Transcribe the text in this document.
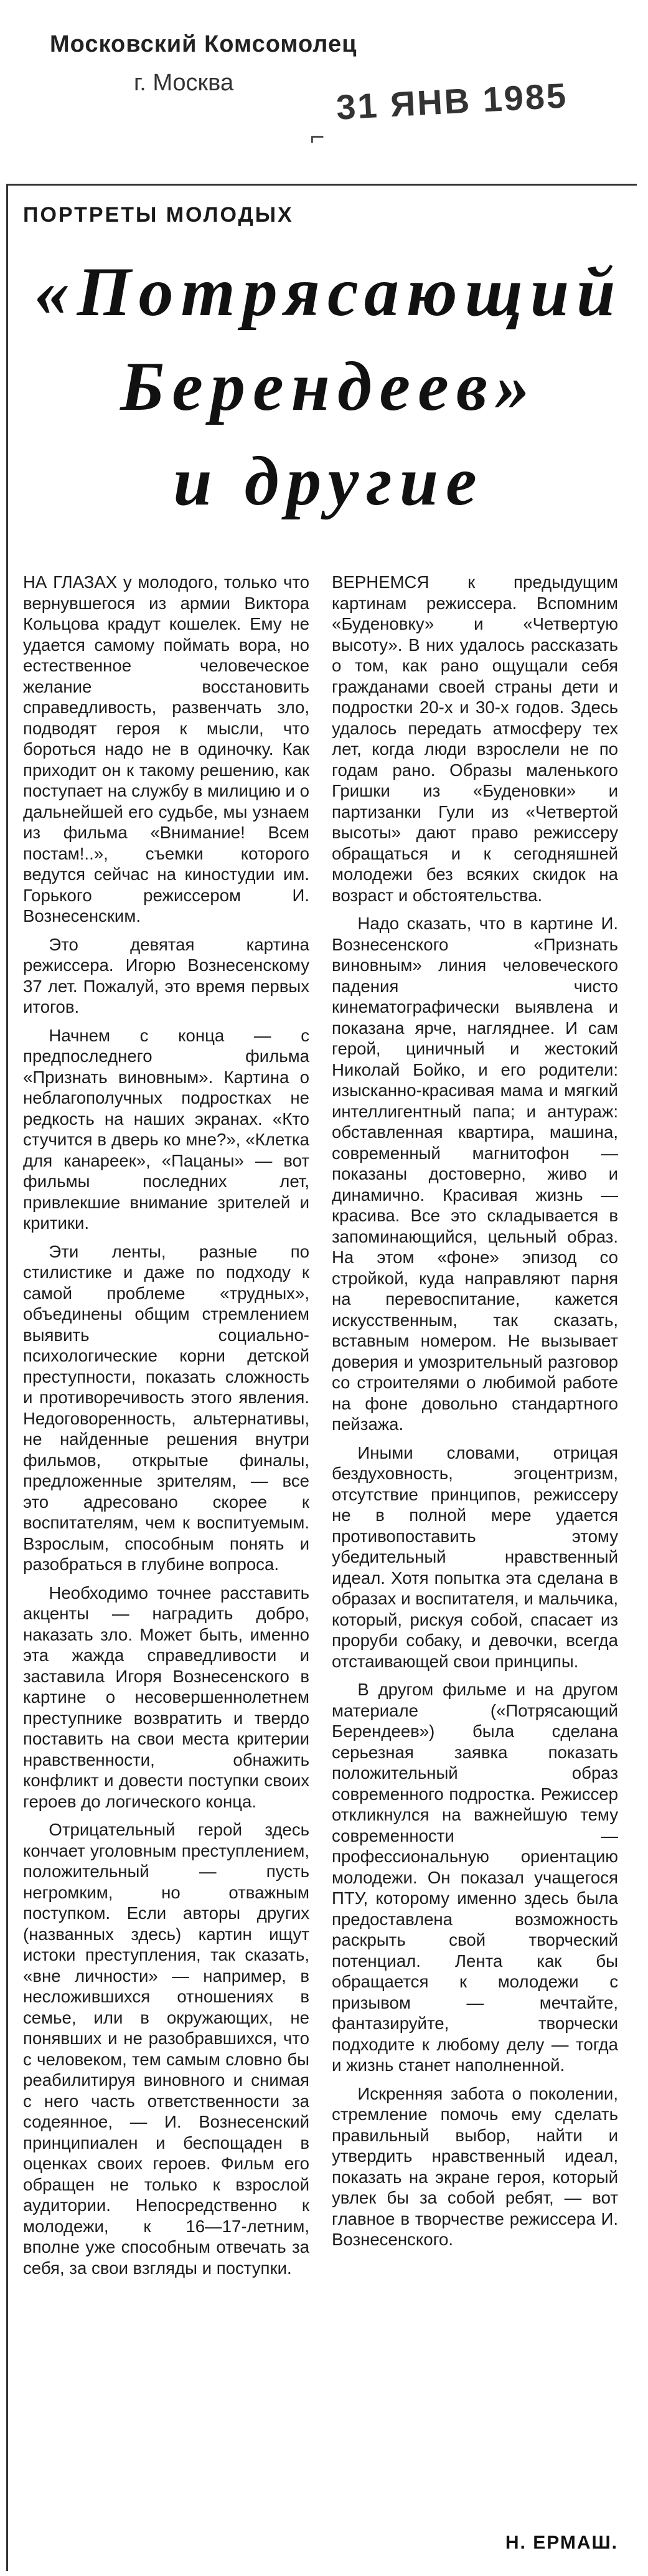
Московский Комсомолец
г. Москва
⌐
31 ЯНВ 1985
ПОРТРЕТЫ МОЛОДЫХ
«Потрясающий
Берендеев»
и другие

НА ГЛАЗАХ у молодого, только что вернувшегося из армии Виктора Кольцова крадут кошелек. Ему не удается самому поймать вора, но естественное человеческое желание восстановить справедливость, развенчать зло, подводят героя к мысли, что бороться надо не в одиночку. Как приходит он к такому решению, как поступает на службу в милицию и о дальнейшей его судьбе, мы узнаем из фильма «Внимание! Всем постам!..», съемки которого ведутся сейчас на киностудии им. Горького режиссером И. Вознесенским.

Это девятая картина режиссера. Игорю Вознесенскому 37 лет. Пожалуй, это время первых итогов.

Начнем с конца — с предпоследнего фильма «Признать виновным». Картина о неблагополучных подростках не редкость на наших экранах. «Кто стучится в дверь ко мне?», «Клетка для канареек», «Пацаны» — вот фильмы последних лет, привлекшие внимание зрителей и критики.

Эти ленты, разные по стилистике и даже по подходу к самой проблеме «трудных», объединены общим стремлением выявить социально-психологические корни детской преступности, показать сложность и противоречивость этого явления. Недоговоренность, альтернативы, не найденные решения внутри фильмов, открытые финалы, предложенные зрителям, — все это адресовано скорее к воспитателям, чем к воспитуемым. Взрослым, способным понять и разобраться в глубине вопроса.

Необходимо точнее расставить акценты — наградить добро, наказать зло. Может быть, именно эта жажда справедливости и заставила Игоря Вознесенского в картине о несовершеннолетнем преступнике возвратить и твердо поставить на свои места критерии нравственности, обнажить конфликт и довести поступки своих героев до логического конца.

Отрицательный герой здесь кончает уголовным преступлением, положительный — пусть негромким, но отважным поступком. Если авторы других (названных здесь) картин ищут истоки преступления, так сказать, «вне личности» — например, в несложившихся отношениях в семье, или в окружающих, не понявших и не разобравшихся, что с человеком, тем самым словно бы реабилитируя виновного и снимая с него часть ответственности за содеянное, — И. Вознесенский принципиален и беспощаден в оценках своих героев. Фильм его обращен не только к взрослой аудитории. Непосредственно к молодежи, к 16—17-летним, вполне уже способным отвечать за себя, за свои взгляды и поступки.

ВЕРНЕМСЯ к предыдущим картинам режиссера. Вспомним «Буденовку» и «Четвертую высоту». В них удалось рассказать о том, как рано ощущали себя гражданами своей страны дети и подростки 20-х и 30-х годов. Здесь удалось передать атмосферу тех лет, когда люди взрослели не по годам рано. Образы маленького Гришки из «Буденовки» и партизанки Гули из «Четвертой высоты» дают право режиссеру обращаться и к сегодняшней молодежи без всяких скидок на возраст и обстоятельства.

Надо сказать, что в картине И. Вознесенского «Признать виновным» линия человеческого падения чисто кинематографически выявлена и показана ярче, нагляднее. И сам герой, циничный и жестокий Николай Бойко, и его родители: изысканно-красивая мама и мягкий интеллигентный папа; и антураж: обставленная квартира, машина, современный магнитофон — показаны достоверно, живо и динамично. Красивая жизнь — красива. Все это складывается в запоминающийся, цельный образ. На этом «фоне» эпизод со стройкой, куда направляют парня на перевоспитание, кажется искусственным, так сказать, вставным номером. Не вызывает доверия и умозрительный разговор со строителями о любимой работе на фоне довольно стандартного пейзажа.

Иными словами, отрицая бездуховность, эгоцентризм, отсутствие принципов, режиссеру не в полной мере удается противопоставить этому убедительный нравственный идеал. Хотя попытка эта сделана в образах и воспитателя, и мальчика, который, рискуя собой, спасает из проруби собаку, и девочки, всегда отстаивающей свои принципы.

В другом фильме и на другом материале («Потрясающий Берендеев») была сделана серьезная заявка показать положительный образ современного подростка. Режиссер откликнулся на важнейшую тему современности — профессиональную ориентацию молодежи. Он показал учащегося ПТУ, которому именно здесь была предоставлена возможность раскрыть свой творческий потенциал. Лента как бы обращается к молодежи с призывом — мечтайте, фантазируйте, творчески подходите к любому делу — тогда и жизнь станет наполненной.

Искренняя забота о поколении, стремление помочь ему сделать правильный выбор, найти и утвердить нравственный идеал, показать на экране героя, который увлек бы за собой ребят, — вот главное в творчестве режиссера И. Вознесенского.

Н. ЕРМАШ.
